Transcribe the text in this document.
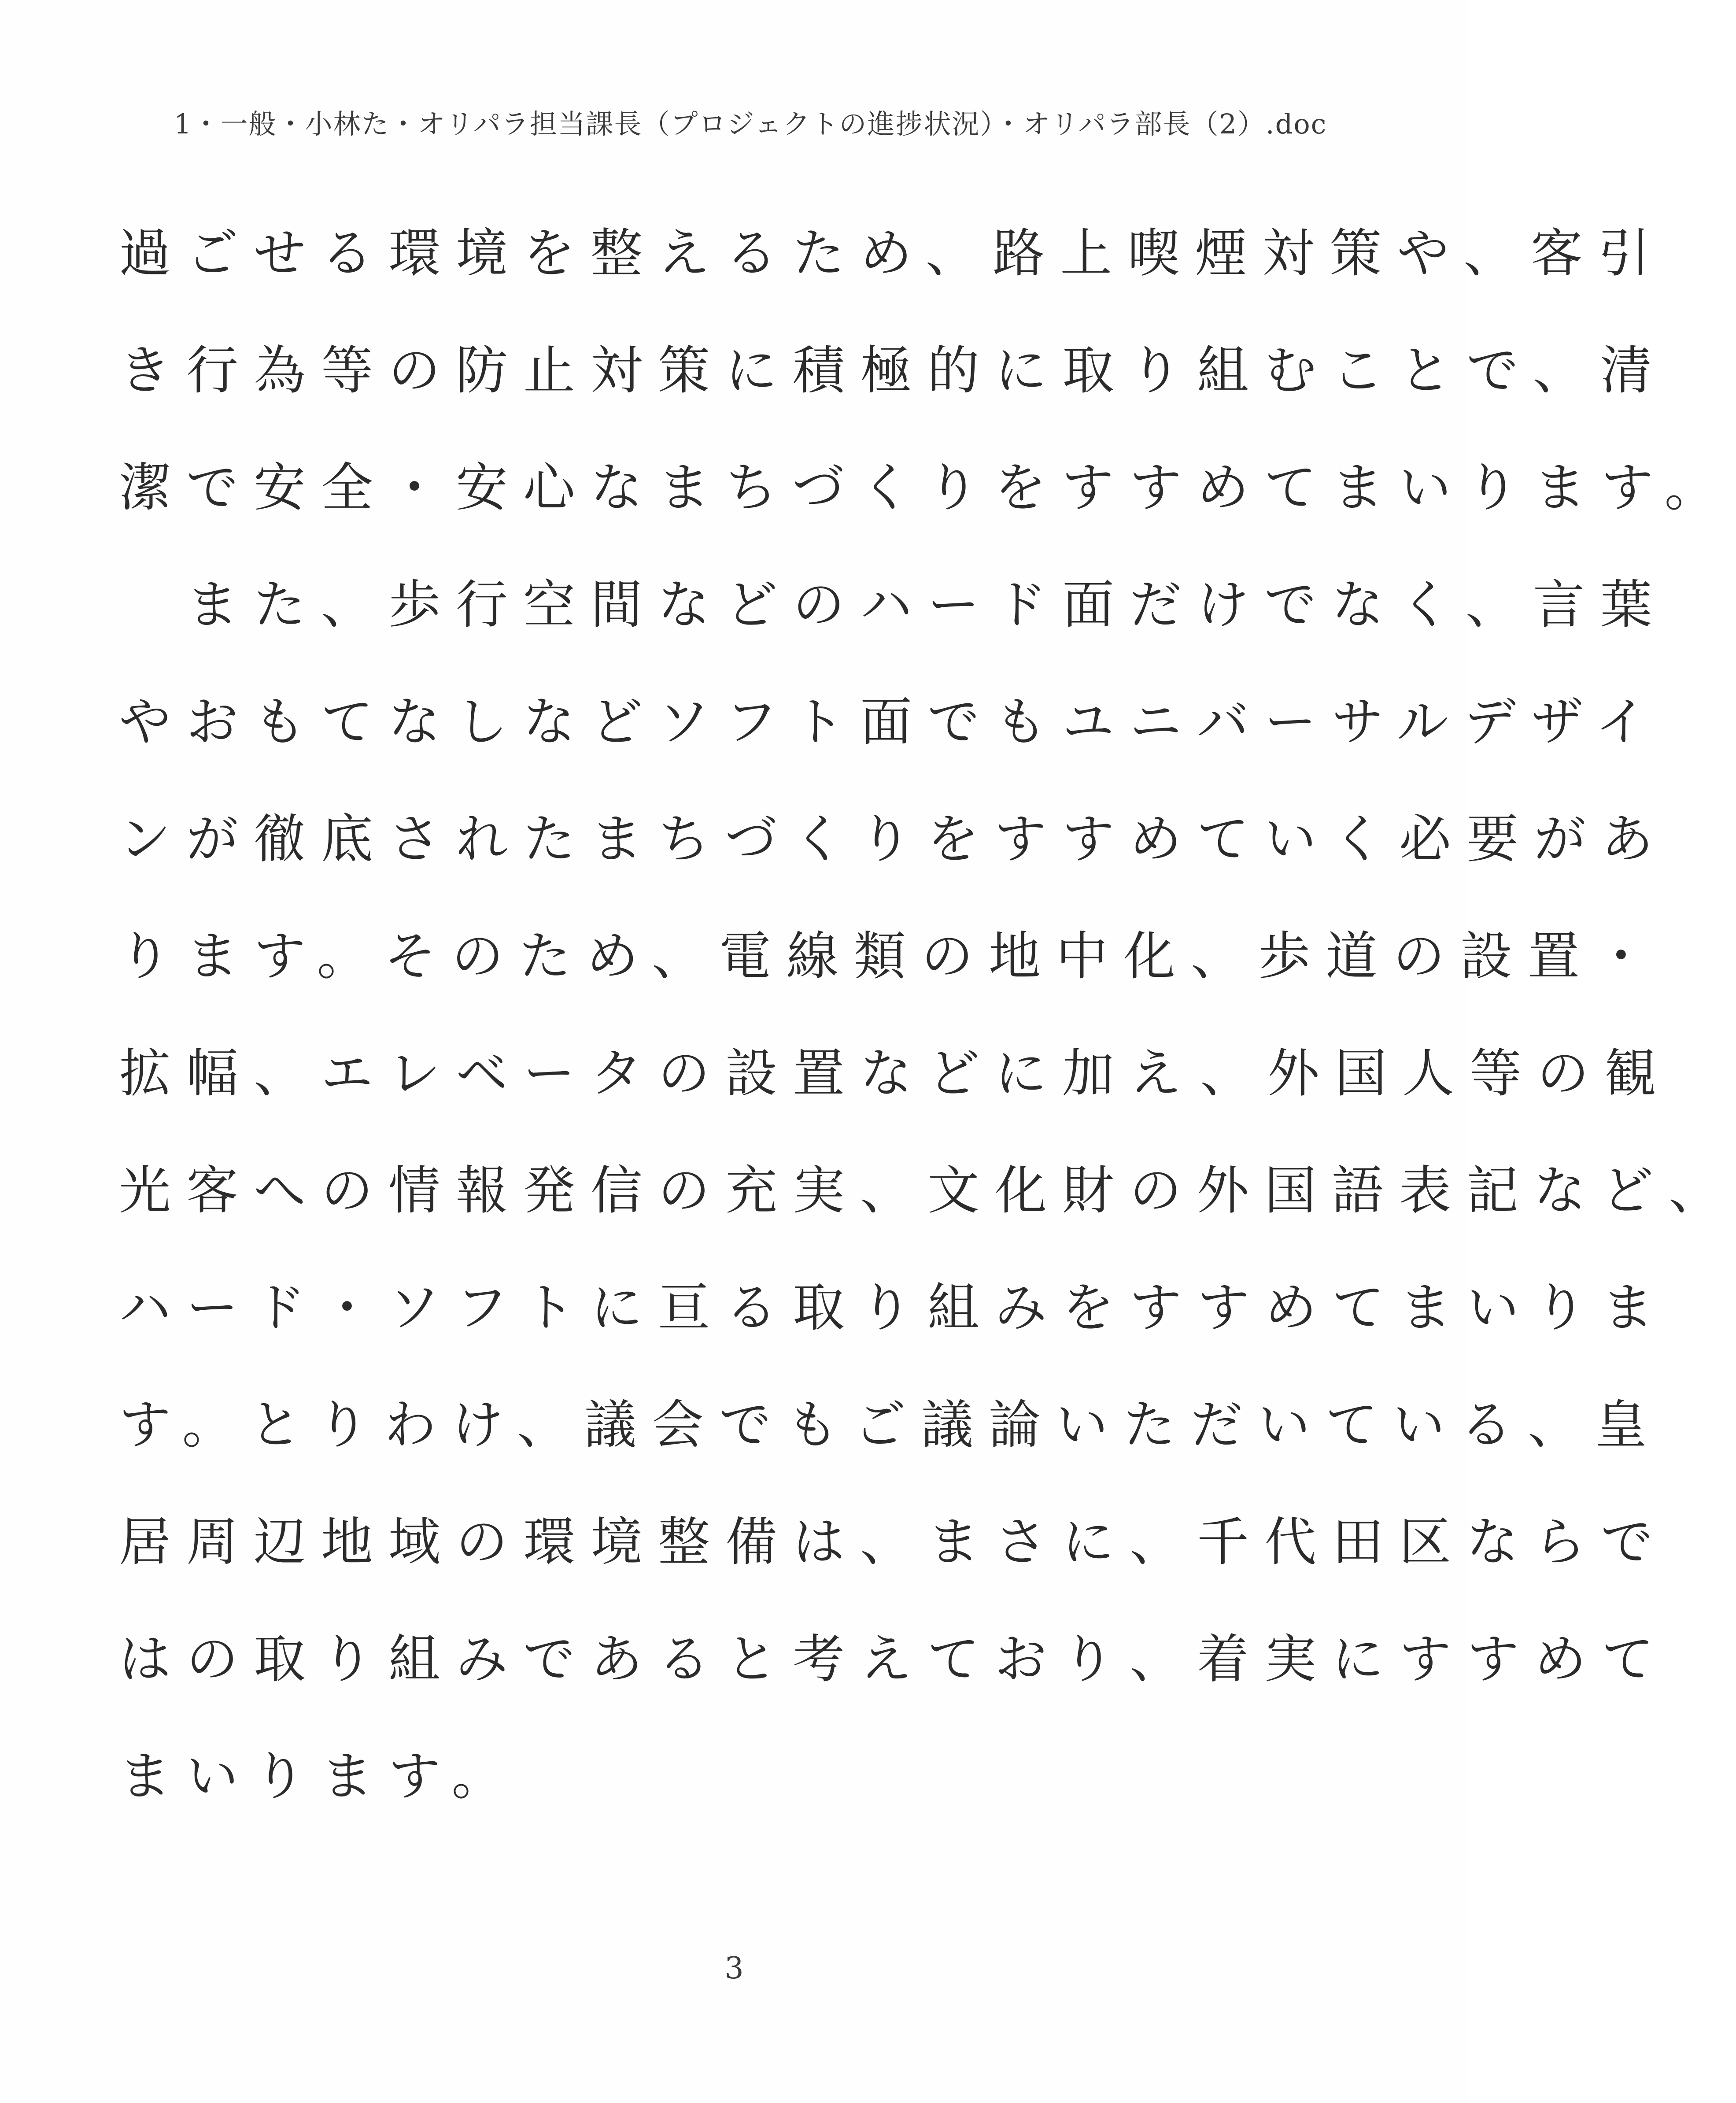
1・一般・小林た・オリパラ担当課長（プロジェクトの進捗状況）・オリパラ部長（2）.doc
過ごせる環境を整えるため、路上喫煙対策や、客引
き行為等の防止対策に積極的に取り組むことで、清
潔で安全・安心なまちづくりをすすめてまいります。
　また、歩行空間などのハード面だけでなく、言葉
やおもてなしなどソフト面でもユニバーサルデザイ
ンが徹底されたまちづくりをすすめていく必要があ
ります。そのため、電線類の地中化、歩道の設置・
拡幅、エレベータの設置などに加え、外国人等の観
光客への情報発信の充実、文化財の外国語表記など、
ハード・ソフトに亘る取り組みをすすめてまいりま
す。とりわけ、議会でもご議論いただいている、皇
居周辺地域の環境整備は、まさに、千代田区ならで
はの取り組みであると考えており、着実にすすめて
まいります。
3
